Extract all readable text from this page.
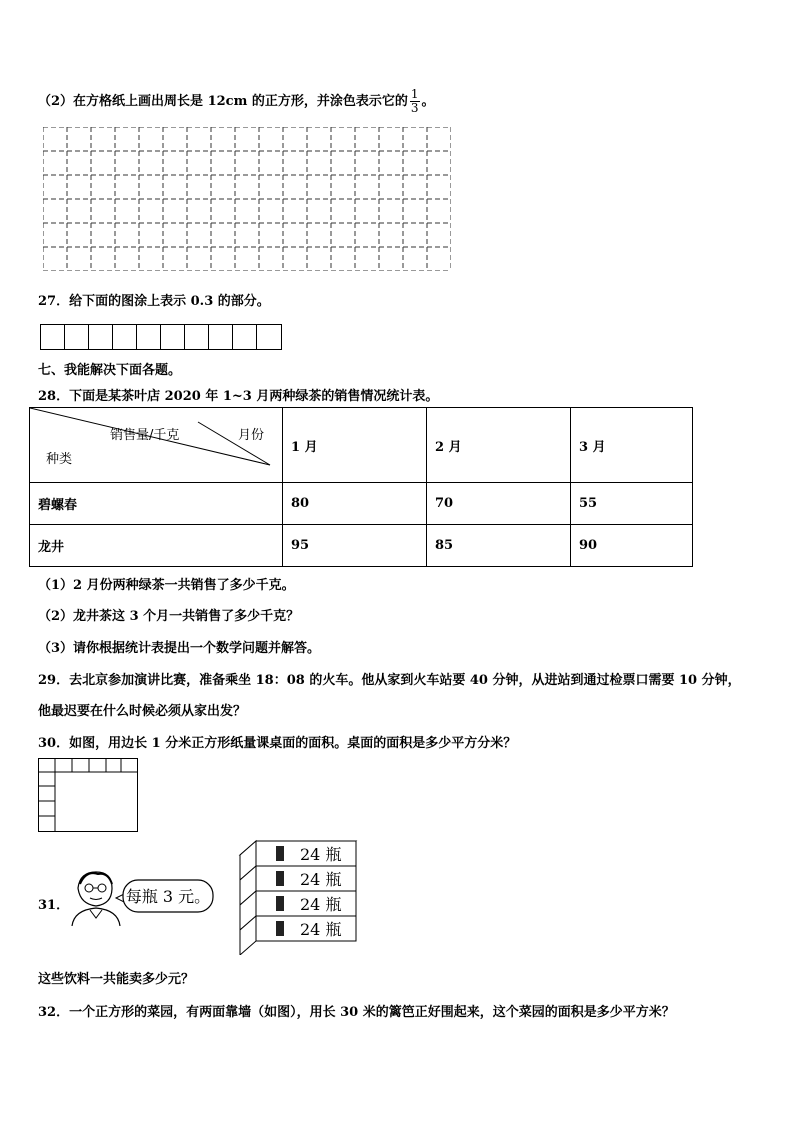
（2）在方格纸上画出周长是 12cm 的正方形，并涂色表示它的 $\frac{1}{3}$ 。
27．给下面的图涂上表示 0.3 的部分。
七、我能解决下面各题。
28．下面是某茶叶店 2020 年 1~3 月两种绿茶的销售情况统计表。
销售量/千克 月份
种类	1 月	2 月	3 月
碧螺春	80	70	55
龙井	95	85	90
（1）2 月份两种绿茶一共销售了多少千克。
（2）龙井茶这 3 个月一共销售了多少千克？
（3）请你根据统计表提出一个数学问题并解答。
29．去北京参加演讲比赛，准备乘坐 18：08 的火车。他从家到火车站要 40 分钟，从进站到通过检票口需要 10 分钟，
他最迟要在什么时候必须从家出发？
30．如图，用边长 1 分米正方形纸量课桌面的面积。桌面的面积是多少平方分米？
31．	每瓶 3 元。
24 瓶
24 瓶
24 瓶
24 瓶
这些饮料一共能卖多少元？
32．一个正方形的菜园，有两面靠墙（如图），用长 30 米的篱笆正好围起来，这个菜园的面积是多少平方米？
